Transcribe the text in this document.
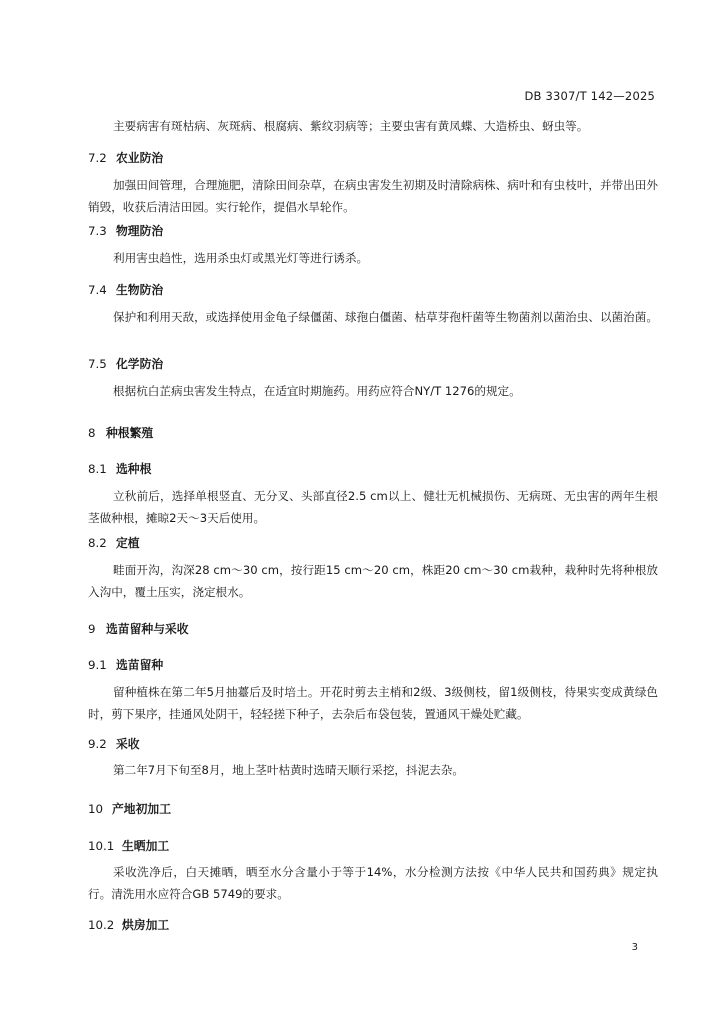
DB 3307/T 142—2025

主要病害有斑枯病、灰斑病、根腐病、紫纹羽病等；主要虫害有黄凤蝶、大造桥虫、蚜虫等。

7.2 农业防治

加强田间管理，合理施肥，清除田间杂草，在病虫害发生初期及时清除病株、病叶和有虫枝叶，并带出田外销毁，收获后清洁田园。实行轮作，提倡水旱轮作。

7.3 物理防治

利用害虫趋性，选用杀虫灯或黑光灯等进行诱杀。

7.4 生物防治

保护和利用天敌，或选择使用金龟子绿僵菌、球孢白僵菌、枯草芽孢杆菌等生物菌剂以菌治虫、以菌治菌。

7.5 化学防治

根据杭白芷病虫害发生特点，在适宜时期施药。用药应符合NY/T 1276的规定。

8 种根繁殖
8.1 选种根

立秋前后，选择单根竖直、无分叉、头部直径2.5 cm以上、健壮无机械损伤、无病斑、无虫害的两年生根茎做种根，摊晾2天～3天后使用。

8.2 定植

畦面开沟，沟深28 cm～30 cm，按行距15 cm～20 cm，株距20 cm～30 cm栽种，栽种时先将种根放入沟中，覆土压实，浇定根水。

9 选苗留种与采收
9.1 选苗留种

留种植株在第二年5月抽薹后及时培土。开花时剪去主梢和2级、3级侧枝，留1级侧枝，待果实变成黄绿色时，剪下果序，挂通风处阴干，轻轻搓下种子，去杂后布袋包装，置通风干燥处贮藏。

9.2 采收

第二年7月下旬至8月，地上茎叶枯黄时选晴天顺行采挖，抖泥去杂。

10 产地初加工
10.1 生晒加工

采收洗净后，白天摊晒，晒至水分含量小于等于14%，水分检测方法按《中华人民共和国药典》规定执行。清洗用水应符合GB 5749的要求。

10.2 烘房加工
3
